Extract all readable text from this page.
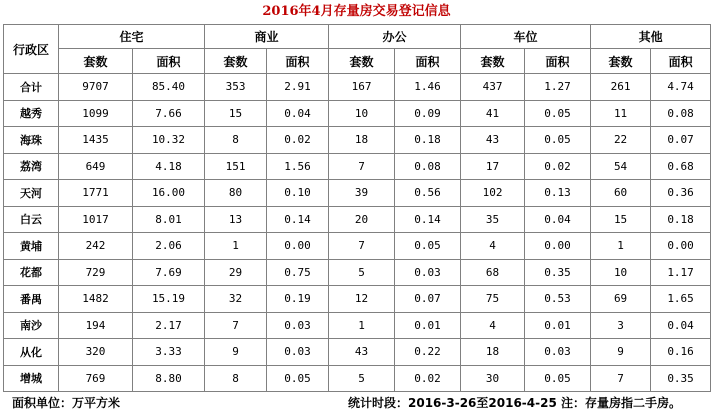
2016年4月存量房交易登记信息
行政区	住宅		商业		办公		车位		其他	
	套数	面积	套数	面积	套数	面积	套数	面积	套数	面积
合计	9707	85.40	353	2.91	167	1.46	437	1.27	261	4.74
越秀	1099	7.66	15	0.04	10	0.09	41	0.05	11	0.08
海珠	1435	10.32	8	0.02	18	0.18	43	0.05	22	0.07
荔湾	649	4.18	151	1.56	7	0.08	17	0.02	54	0.68
天河	1771	16.00	80	0.10	39	0.56	102	0.13	60	0.36
白云	1017	8.01	13	0.14	20	0.14	35	0.04	15	0.18
黄埔	242	2.06	1	0.00	7	0.05	4	0.00	1	0.00
花都	729	7.69	29	0.75	5	0.03	68	0.35	10	1.17
番禺	1482	15.19	32	0.19	12	0.07	75	0.53	69	1.65
南沙	194	2.17	7	0.03	1	0.01	4	0.01	3	0.04
从化	320	3.33	9	0.03	43	0.22	18	0.03	9	0.16
增城	769	8.80	8	0.05	5	0.02	30	0.05	7	0.35
面积单位：万平方米	统计时段：2016-3-26至2016-4-25 注：存量房指二手房。
